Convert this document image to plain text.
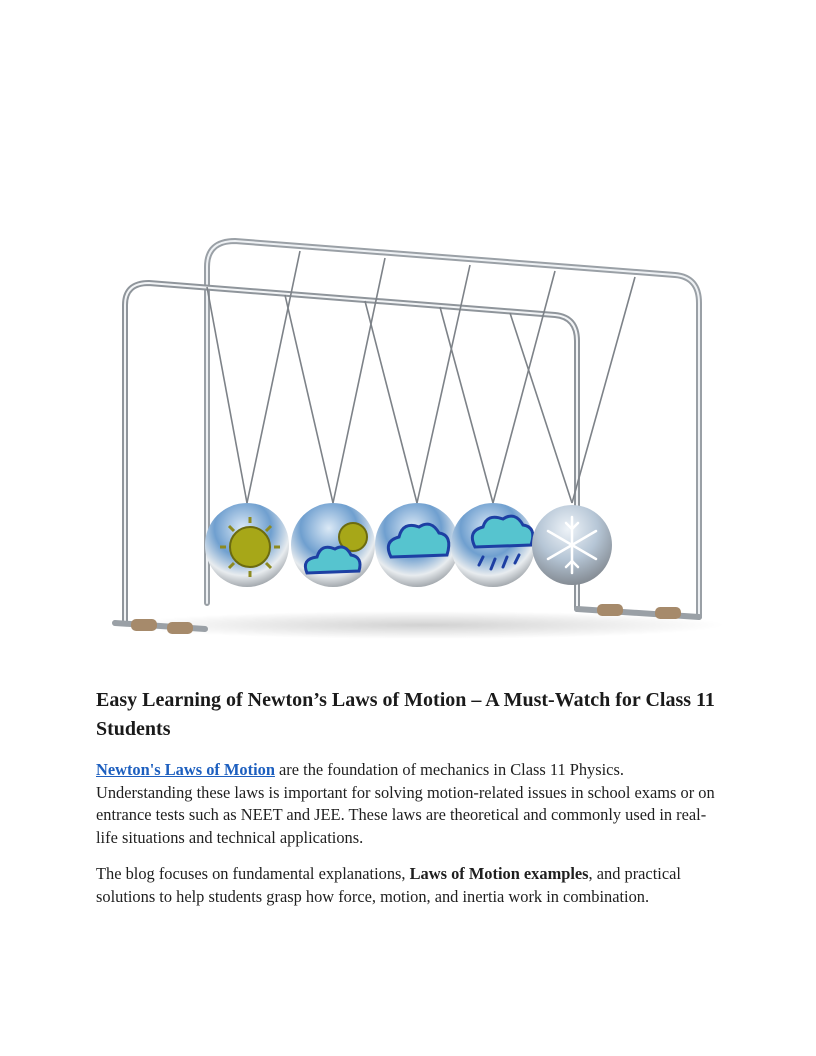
Easy Learning of Newton’s Laws of Motion – A Must-Watch for Class 11 Students

Newton's Laws of Motion are the foundation of mechanics in Class 11 Physics. Understanding these laws is important for solving motion-related issues in school exams or on entrance tests such as NEET and JEE. These laws are theoretical and commonly used in real-life situations and technical applications.

The blog focuses on fundamental explanations, Laws of Motion examples, and practical solutions to help students grasp how force, motion, and inertia work in combination.
